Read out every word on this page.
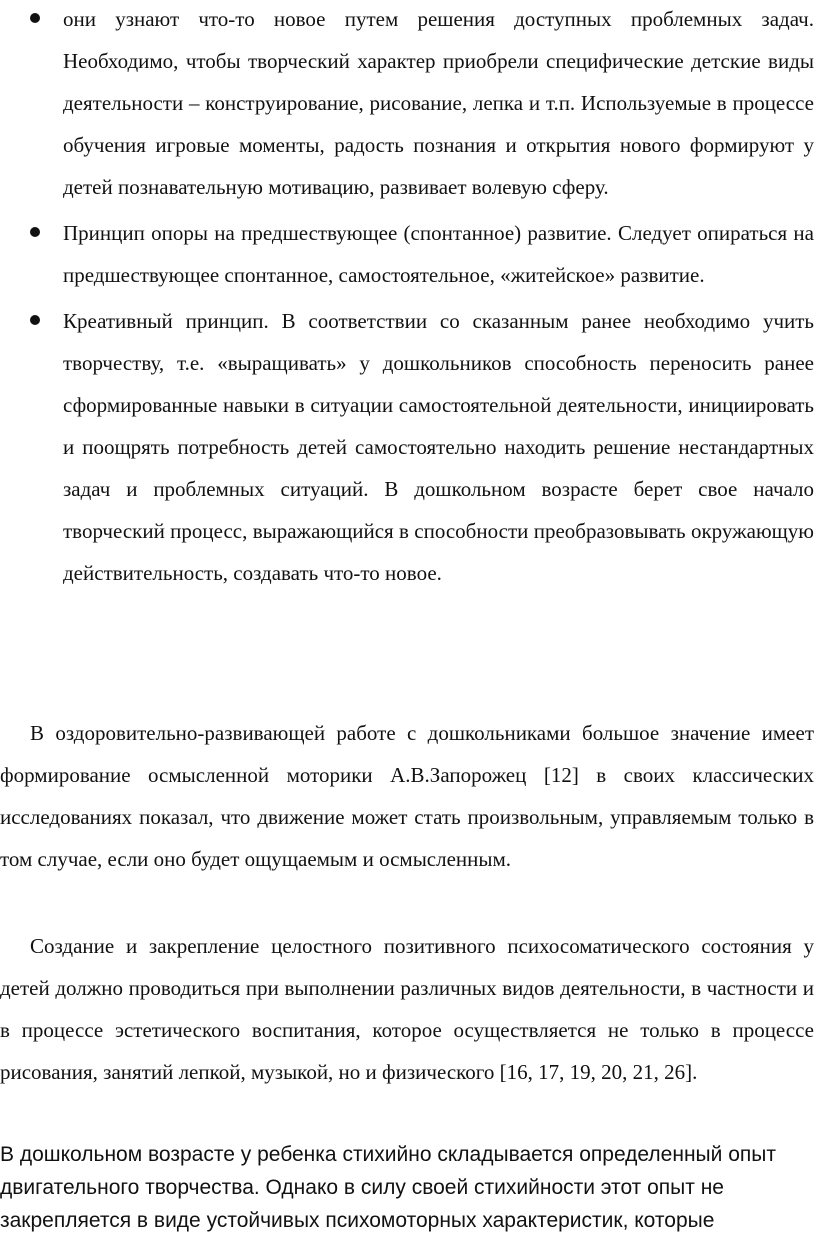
они узнают что-то новое путем решения доступных проблемных задач. Необходимо, чтобы творческий характер приобрели специфические детские виды деятельности – конструирование, рисование, лепка и т.п. Используемые в процессе обучения игровые моменты, радость познания и открытия нового формируют у детей познавательную мотивацию, развивает волевую сферу.
Принцип опоры на предшествующее (спонтанное) развитие. Следует опираться на предшествующее спонтанное, самостоятельное, «житейское» развитие.
Креативный принцип. В соответствии со сказанным ранее необходимо учить творчеству, т.е. «выращивать» у дошкольников способность переносить ранее сформированные навыки в ситуации самостоятельной деятельности, инициировать и поощрять потребность детей самостоятельно находить решение нестандартных задач и проблемных ситуаций. В дошкольном возрасте берет свое начало творческий процесс, выражающийся в способности преобразовывать окружающую действительность, создавать что-то новое.

В оздоровительно-развивающей работе с дошкольниками большое значение имеет формирование осмысленной моторики А.В.Запорожец [12] в своих классических исследованиях показал, что движение может стать произвольным, управляемым только в том случае, если оно будет ощущаемым и осмысленным.

Создание и закрепление целостного позитивного психосоматического состояния у детей должно проводиться при выполнении различных видов деятельности, в частности и в процессе эстетического воспитания, которое осуществляется не только в процессе рисования, занятий лепкой, музыкой, но и физического [16, 17, 19, 20, 21, 26].

В дошкольном возрасте у ребенка стихийно складывается определенный опыт двигательного творчества. Однако в силу своей стихийности этот опыт не закрепляется в виде устойчивых психомоторных характеристик, которые
